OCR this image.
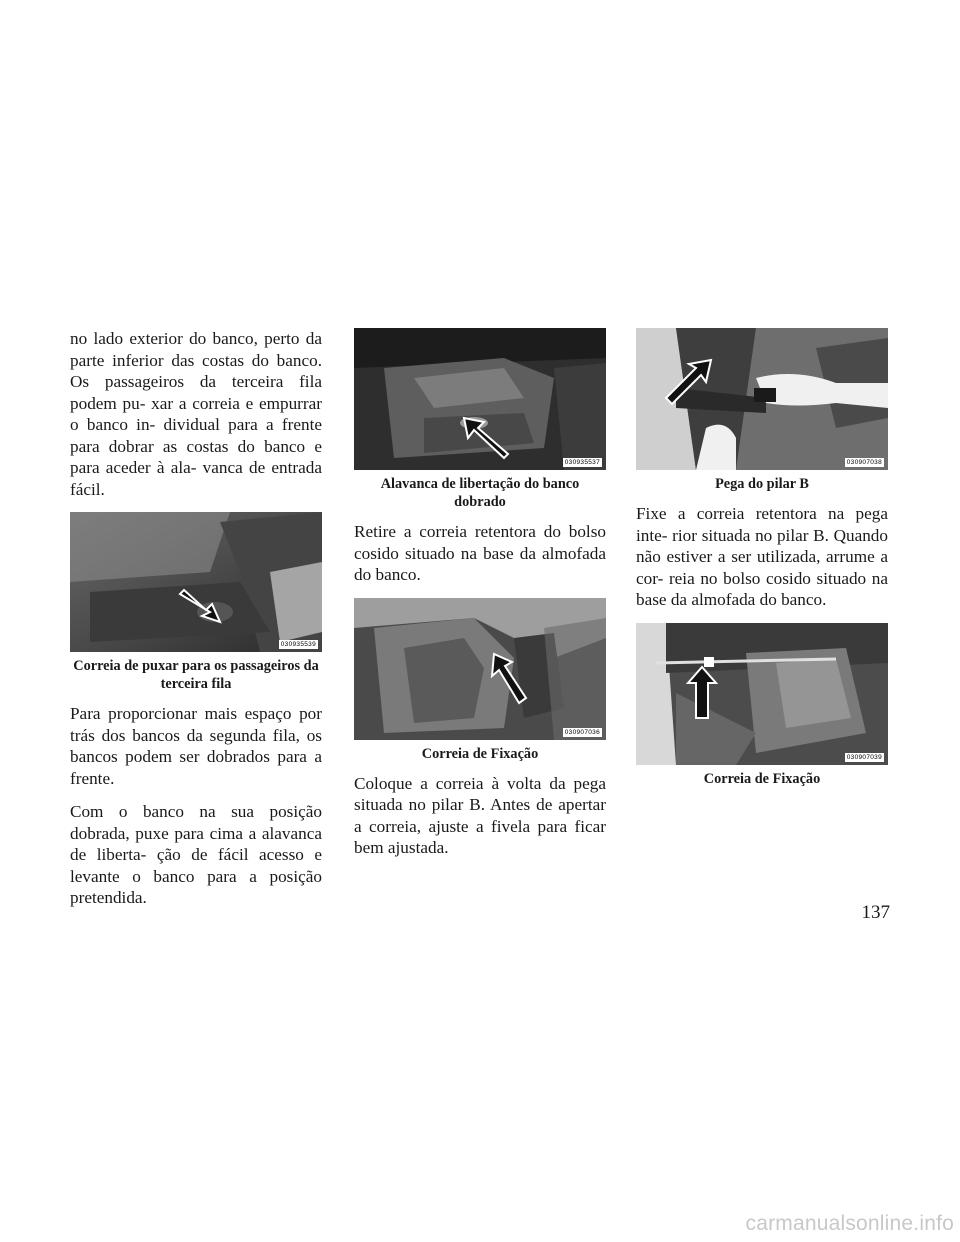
no lado exterior do banco, perto da parte inferior das costas do banco. Os passageiros da terceira fila podem pu- xar a correia e empurrar o banco in- dividual para a frente para dobrar as costas do banco e para aceder à ala- vanca de entrada fácil.

030935539
Correia de puxar para os passageiros da terceira fila

Para proporcionar mais espaço por trás dos bancos da segunda fila, os bancos podem ser dobrados para a frente.

Com o banco na sua posição dobrada, puxe para cima a alavanca de liberta- ção de fácil acesso e levante o banco para a posição pretendida.

030935537
Alavanca de libertação do banco dobrado

Retire a correia retentora do bolso cosido situado na base da almofada do banco.

030907036
Correia de Fixação

Coloque a correia à volta da pega situada no pilar B. Antes de apertar a correia, ajuste a fivela para ficar bem ajustada.

030907038
Pega do pilar B

Fixe a correia retentora na pega inte- rior situada no pilar B. Quando não estiver a ser utilizada, arrume a cor- reia no bolso cosido situado na base da almofada do banco.

030907039
Correia de Fixação
137
carmanualsonline.info
